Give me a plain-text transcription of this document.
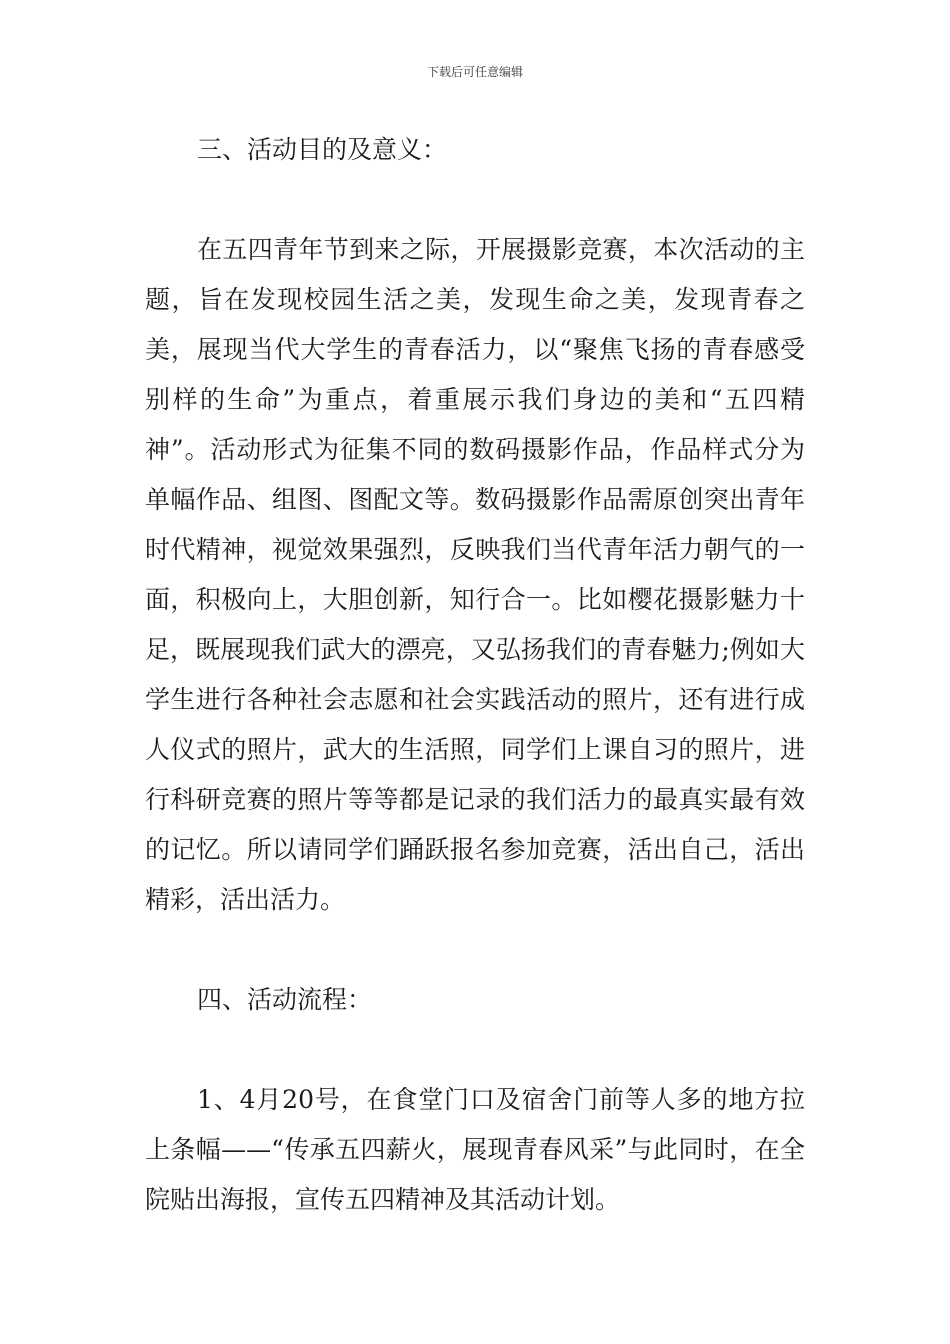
下载后可任意编辑

三、活动目的及意义：

在五四青年节到来之际，开展摄影竞赛，本次活动的主题，旨在发现校园生活之美，发现生命之美，发现青春之美，展现当代大学生的青春活力，以“聚焦飞扬的青春感受别样的生命”为重点，着重展示我们身边的美和“五四精神”。活动形式为征集不同的数码摄影作品，作品样式分为单幅作品、组图、图配文等。数码摄影作品需原创突出青年时代精神，视觉效果强烈，反映我们当代青年活力朝气的一面，积极向上，大胆创新，知行合一。比如樱花摄影魅力十足，既展现我们武大的漂亮，又弘扬我们的青春魅力;例如大学生进行各种社会志愿和社会实践活动的照片，还有进行成人仪式的照片，武大的生活照，同学们上课自习的照片，进行科研竞赛的照片等等都是记录的我们活力的最真实最有效的记忆。所以请同学们踊跃报名参加竞赛，活出自己，活出精彩，活出活力。

四、活动流程：

1、4月20号，在食堂门口及宿舍门前等人多的地方拉上条幅——“传承五四薪火，展现青春风采”与此同时，在全院贴出海报，宣传五四精神及其活动计划。
